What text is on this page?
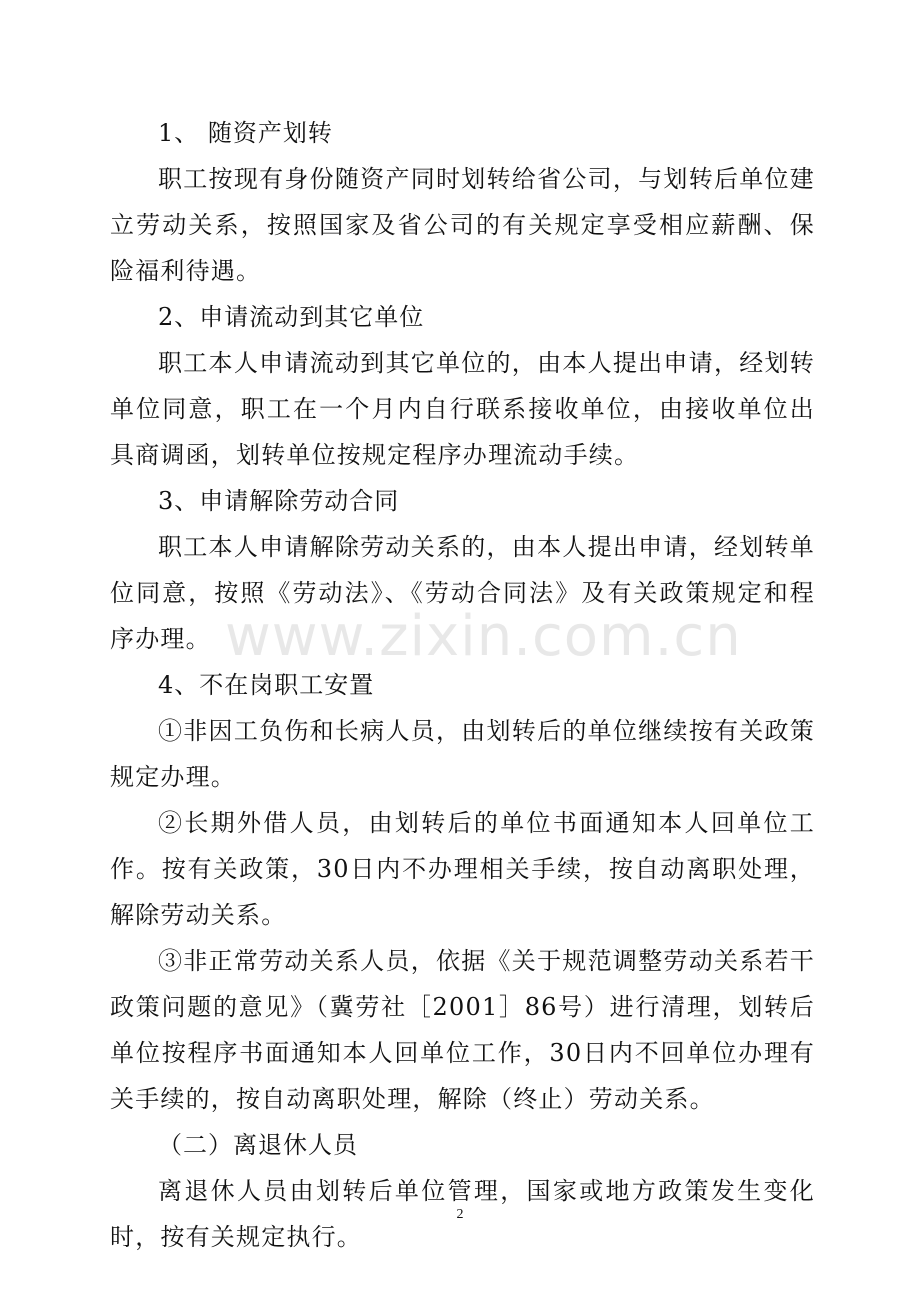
1、 随资产划转

职工按现有身份随资产同时划转给省公司，与划转后单位建立劳动关系，按照国家及省公司的有关规定享受相应薪酬、保险福利待遇。

2、申请流动到其它单位

职工本人申请流动到其它单位的，由本人提出申请，经划转单位同意，职工在一个月内自行联系接收单位，由接收单位出具商调函，划转单位按规定程序办理流动手续。

3、申请解除劳动合同

职工本人申请解除劳动关系的，由本人提出申请，经划转单位同意，按照《劳动法》、《劳动合同法》及有关政策规定和程序办理。

4、不在岗职工安置

①非因工负伤和长病人员，由划转后的单位继续按有关政策规定办理。

②长期外借人员，由划转后的单位书面通知本人回单位工作。按有关政策，30日内不办理相关手续，按自动离职处理，解除劳动关系。

③非正常劳动关系人员，依据《关于规范调整劳动关系若干政策问题的意见》（冀劳社［2001］86号）进行清理，划转后单位按程序书面通知本人回单位工作，30日内不回单位办理有关手续的，按自动离职处理，解除（终止）劳动关系。

（二）离退休人员

离退休人员由划转后单位管理，国家或地方政策发生变化时，按有关规定执行。

www.zixin.com.cn
2
